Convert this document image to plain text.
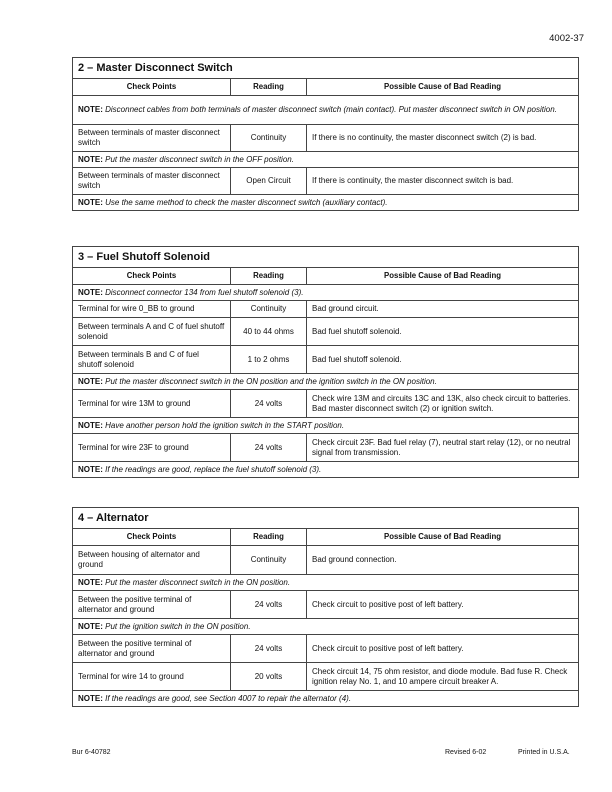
4002-37
2 – Master Disconnect Switch		
Check Points	Reading	Possible Cause of Bad Reading
NOTE: Disconnect cables from both terminals of master disconnect switch (main contact). Put master disconnect switch in ON position.		
Between terminals of master disconnect switch	Continuity	If there is no continuity, the master disconnect switch (2) is bad.
NOTE: Put the master disconnect switch in the OFF position.		
Between terminals of master disconnect switch	Open Circuit	If there is continuity, the master disconnect switch is bad.
NOTE: Use the same method to check the master disconnect switch (auxiliary contact).		
3 – Fuel Shutoff Solenoid		
Check Points	Reading	Possible Cause of Bad Reading
NOTE: Disconnect connector 134 from fuel shutoff solenoid (3).		
Terminal for wire 0_BB to ground	Continuity	Bad ground circuit.
Between terminals A and C of fuel shutoff solenoid	40 to 44 ohms	Bad fuel shutoff solenoid.
Between terminals B and C of fuel shutoff solenoid	1 to 2 ohms	Bad fuel shutoff solenoid.
NOTE: Put the master disconnect switch in the ON position and the ignition switch in the ON position.		
Terminal for wire 13M to ground	24 volts	Check wire 13M and circuits 13C and 13K, also check circuit to batteries. Bad master disconnect switch (2) or ignition switch.
NOTE: Have another person hold the ignition switch in the START position.		
Terminal for wire 23F to ground	24 volts	Check circuit 23F. Bad fuel relay (7), neutral start relay (12), or no neutral signal from transmission.
NOTE: If the readings are good, replace the fuel shutoff solenoid (3).		
4 – Alternator		
Check Points	Reading	Possible Cause of Bad Reading
Between housing of alternator and ground	Continuity	Bad ground connection.
NOTE: Put the master disconnect switch in the ON position.		
Between the positive terminal of alternator and ground	24 volts	Check circuit to positive post of left battery.
NOTE: Put the ignition switch in the ON position.		
Between the positive terminal of alternator and ground	24 volts	Check circuit to positive post of left battery.
Terminal for wire 14 to ground	20 volts	Check circuit 14, 75 ohm resistor, and diode module. Bad fuse R. Check ignition relay No. 1, and 10 ampere circuit breaker A.
NOTE: If the readings are good, see Section 4007 to repair the alternator (4).		
Bur 6-40782	Revised 6-02	Printed in U.S.A.
